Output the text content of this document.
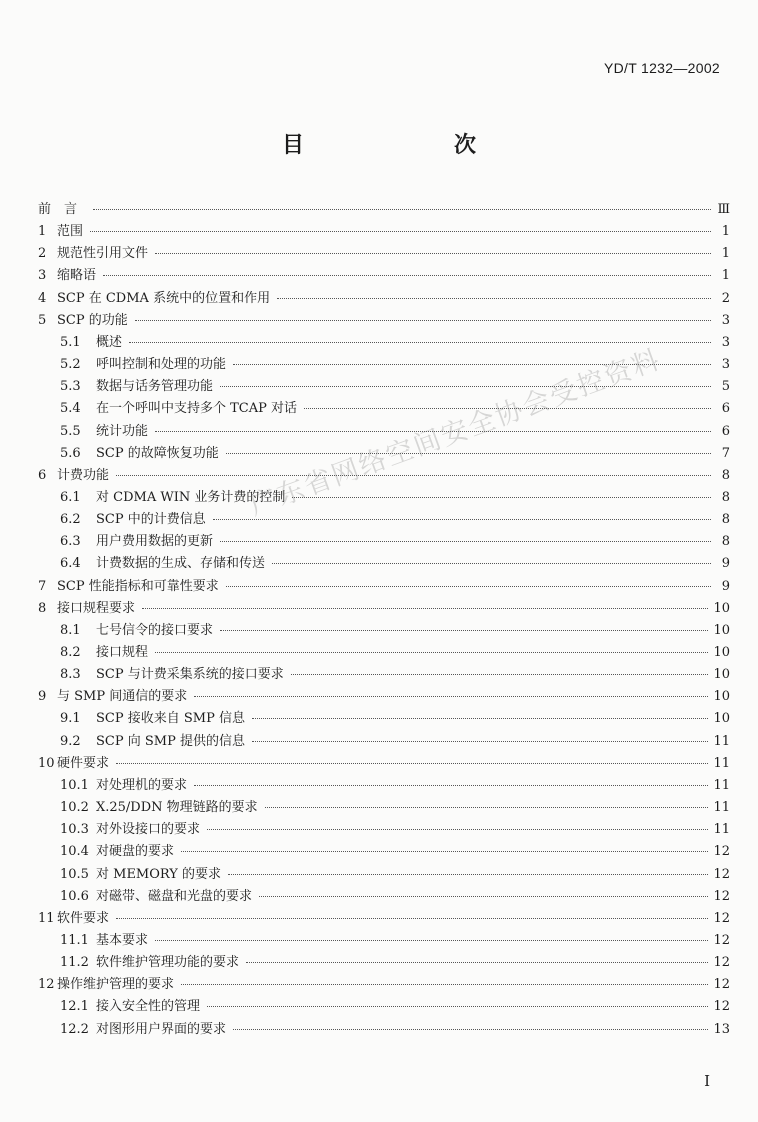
YD/T 1232—2002
目　次
前　言	Ⅲ
1 范围	1
2 规范性引用文件	1
3 缩略语	1
4 SCP 在 CDMA 系统中的位置和作用	2
5 SCP 的功能	3
5.1	概述	3
5.2	呼叫控制和处理的功能	3
5.3	数据与话务管理功能	5
5.4	在一个呼叫中支持多个 TCAP 对话	6
5.5	统计功能	6
5.6	SCP 的故障恢复功能	7
6 计费功能	8
6.1	对 CDMA WIN 业务计费的控制	8
6.2	SCP 中的计费信息	8
6.3	用户费用数据的更新	8
6.4	计费数据的生成、存储和传送	9
7 SCP 性能指标和可靠性要求	9
8 接口规程要求	10
8.1	七号信令的接口要求	10
8.2	接口规程	10
8.3	SCP 与计费采集系统的接口要求	10
9 与 SMP 间通信的要求	10
9.1	SCP 接收来自 SMP 信息	10
9.2	SCP 向 SMP 提供的信息	11
10 硬件要求	11
10.1 对处理机的要求	11
10.2 X.25/DDN 物理链路的要求	11
10.3 对外设接口的要求	11
10.4 对硬盘的要求	12
10.5 对 MEMORY 的要求	12
10.6 对磁带、磁盘和光盘的要求	12
11 软件要求	12
11.1 基本要求	12
11.2 软件维护管理功能的要求	12
12 操作维护管理的要求	12
12.1 接入安全性的管理	12
12.2 对图形用户界面的要求	13
广东省网络空间安全协会受控资料
I
